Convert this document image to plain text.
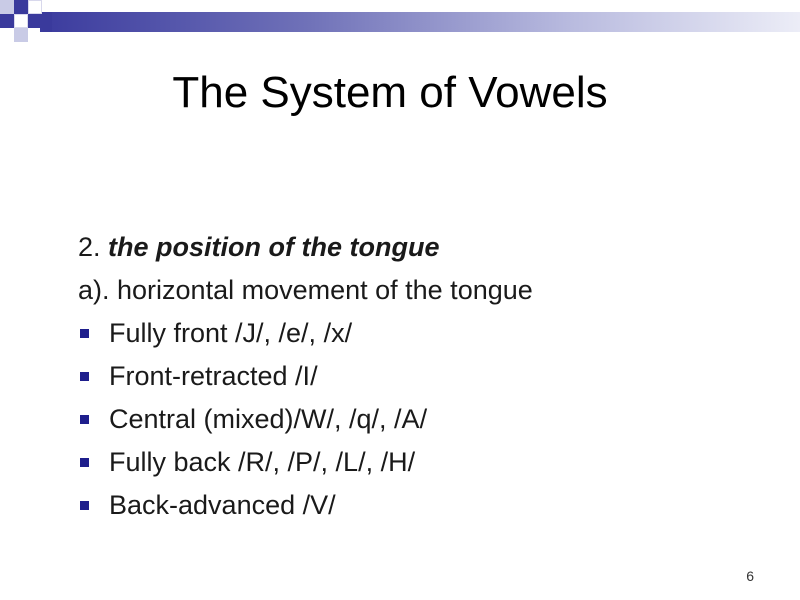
The System of Vowels
2. the position of the tongue
a). horizontal movement of the tongue
Fully front /J/, /e/, /x/
Front-retracted /I/
Central (mixed)/W/, /q/, /A/
Fully back /R/, /P/, /L/, /H/
Back-advanced /V/
6
